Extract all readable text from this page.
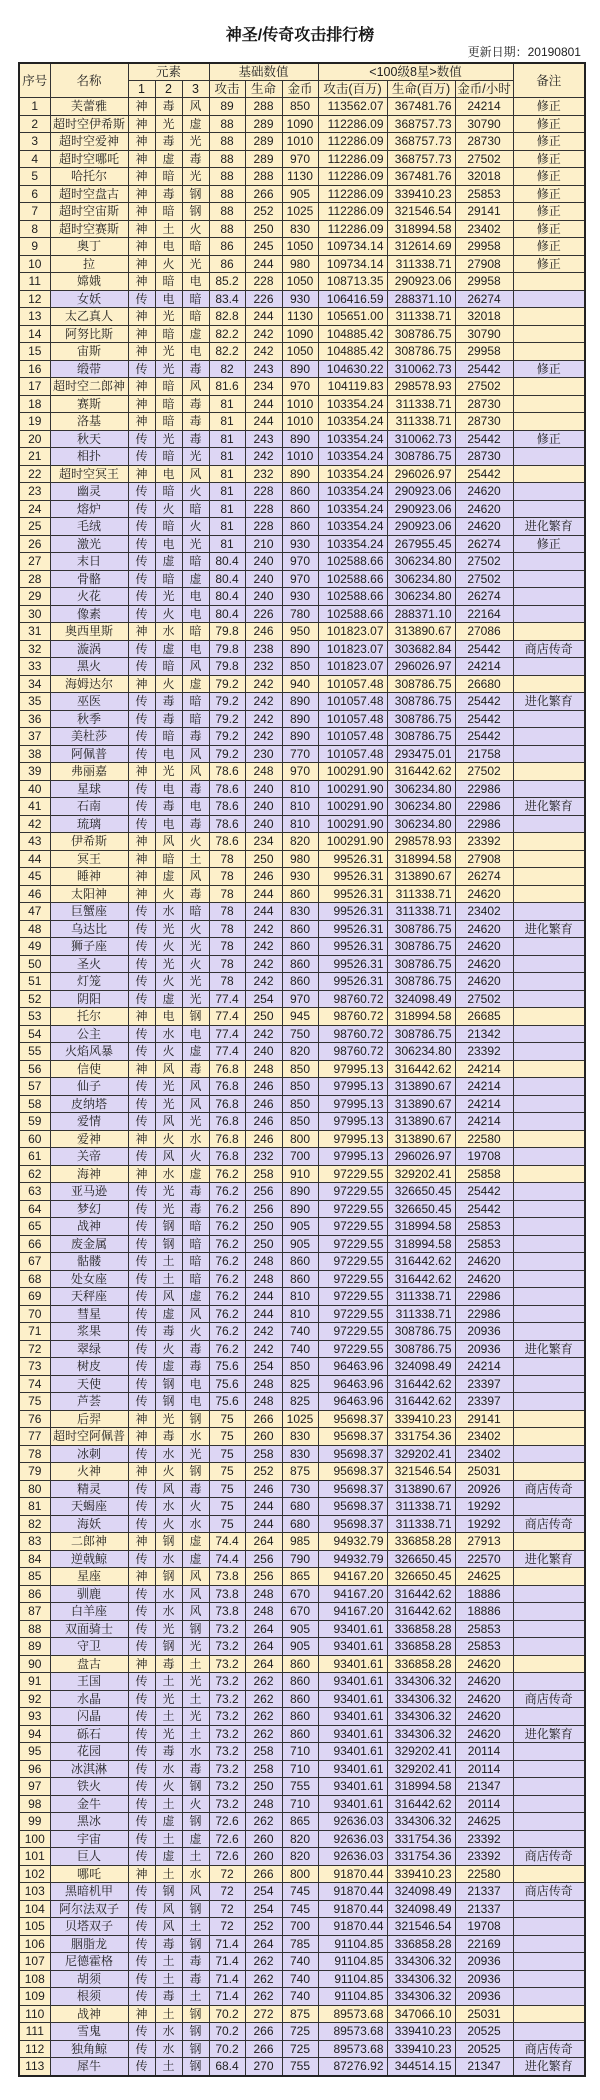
神圣/传奇攻击排行榜
更新日期：20190801
序号	名称	元素			基础数值			<100级8星>数值			备注
		1	2	3	攻击	生命	金币	攻击(百万)	生命(百万)	金币/小时	
1	芙蕾雅	神	毒	风	89	288	850	113562.07	367481.76	24214	修正
2	超时空伊希斯	神	光	虚	88	289	1090	112286.09	368757.73	30790	修正
3	超时空爱神	神	毒	光	88	289	1010	112286.09	368757.73	28730	修正
4	超时空哪吒	神	虚	毒	88	289	970	112286.09	368757.73	27502	修正
5	哈托尔	神	暗	光	88	288	1130	112286.09	367481.76	32018	修正
6	超时空盘古	神	毒	钢	88	266	905	112286.09	339410.23	25853	修正
7	超时空宙斯	神	暗	钢	88	252	1025	112286.09	321546.54	29141	修正
8	超时空赛斯	神	土	火	88	250	830	112286.09	318994.58	23402	修正
9	奥丁	神	电	暗	86	245	1050	109734.14	312614.69	29958	修正
10	拉	神	火	光	86	244	980	109734.14	311338.71	27908	修正
11	嫦娥	神	暗	电	85.2	228	1050	108713.35	290923.06	29958	
12	女妖	传	电	暗	83.4	226	930	106416.59	288371.10	26274	
13	太乙真人	神	光	暗	82.8	244	1130	105651.00	311338.71	32018	
14	阿努比斯	神	暗	虚	82.2	242	1090	104885.42	308786.75	30790	
15	宙斯	神	光	电	82.2	242	1050	104885.42	308786.75	29958	
16	缎带	传	光	毒	82	243	890	104630.22	310062.73	25442	修正
17	超时空二郎神	神	暗	风	81.6	234	970	104119.83	298578.93	27502	
18	赛斯	神	暗	毒	81	244	1010	103354.24	311338.71	28730	
19	洛基	神	暗	毒	81	244	1010	103354.24	311338.71	28730	
20	秋天	传	光	毒	81	243	890	103354.24	310062.73	25442	修正
21	相扑	传	暗	光	81	242	1010	103354.24	308786.75	28730	
22	超时空冥王	神	电	风	81	232	890	103354.24	296026.97	25442	
23	幽灵	传	暗	火	81	228	860	103354.24	290923.06	24620	
24	熔炉	传	火	暗	81	228	860	103354.24	290923.06	24620	
25	毛绒	传	暗	火	81	228	860	103354.24	290923.06	24620	进化繁育
26	激光	传	电	光	81	210	930	103354.24	267955.45	26274	修正
27	末日	传	虚	暗	80.4	240	970	102588.66	306234.80	27502	
28	骨骼	传	暗	虚	80.4	240	970	102588.66	306234.80	27502	
29	火花	传	光	电	80.4	240	930	102588.66	306234.80	26274	
30	像素	传	火	电	80.4	226	780	102588.66	288371.10	22164	
31	奥西里斯	神	水	暗	79.8	246	950	101823.07	313890.67	27086	
32	漩涡	传	虚	电	79.8	238	890	101823.07	303682.84	25442	商店传奇
33	黑火	传	暗	风	79.8	232	850	101823.07	296026.97	24214	
34	海姆达尔	神	火	虚	79.2	242	940	101057.48	308786.75	26680	
35	巫医	传	毒	暗	79.2	242	890	101057.48	308786.75	25442	进化繁育
36	秋季	传	毒	暗	79.2	242	890	101057.48	308786.75	25442	
37	美杜莎	传	暗	毒	79.2	242	890	101057.48	308786.75	25442	
38	阿佩普	传	电	风	79.2	230	770	101057.48	293475.01	21758	
39	弗丽嘉	神	光	风	78.6	248	970	100291.90	316442.62	27502	
40	星球	传	电	毒	78.6	240	810	100291.90	306234.80	22986	
41	石南	传	毒	电	78.6	240	810	100291.90	306234.80	22986	进化繁育
42	琉璃	传	电	毒	78.6	240	810	100291.90	306234.80	22986	
43	伊希斯	神	风	火	78.6	234	820	100291.90	298578.93	23392	
44	冥王	神	暗	土	78	250	980	99526.31	318994.58	27908	
45	睡神	神	虚	风	78	246	930	99526.31	313890.67	26274	
46	太阳神	神	火	毒	78	244	860	99526.31	311338.71	24620	
47	巨蟹座	传	水	暗	78	244	830	99526.31	311338.71	23402	
48	乌达比	传	光	火	78	242	860	99526.31	308786.75	24620	进化繁育
49	狮子座	传	火	光	78	242	860	99526.31	308786.75	24620	
50	圣火	传	光	火	78	242	860	99526.31	308786.75	24620	
51	灯笼	传	火	光	78	242	860	99526.31	308786.75	24620	
52	阴阳	传	虚	光	77.4	254	970	98760.72	324098.49	27502	
53	托尔	神	电	钢	77.4	250	945	98760.72	318994.58	26685	
54	公主	传	水	电	77.4	242	750	98760.72	308786.75	21342	
55	火焰风暴	传	火	虚	77.4	240	820	98760.72	306234.80	23392	
56	信使	神	风	毒	76.8	248	850	97995.13	316442.62	24214	
57	仙子	传	光	风	76.8	246	850	97995.13	313890.67	24214	
58	皮纳塔	传	光	风	76.8	246	850	97995.13	313890.67	24214	
59	爱情	传	风	光	76.8	246	850	97995.13	313890.67	24214	
60	爱神	神	火	水	76.8	246	800	97995.13	313890.67	22580	
61	关帝	传	风	火	76.8	232	700	97995.13	296026.97	19708	
62	海神	神	水	虚	76.2	258	910	97229.55	329202.41	25858	
63	亚马逊	传	光	毒	76.2	256	890	97229.55	326650.45	25442	
64	梦幻	传	光	毒	76.2	256	890	97229.55	326650.45	25442	
65	战神	传	钢	暗	76.2	250	905	97229.55	318994.58	25853	
66	废金属	传	钢	暗	76.2	250	905	97229.55	318994.58	25853	
67	骷髅	传	土	暗	76.2	248	860	97229.55	316442.62	24620	
68	处女座	传	土	暗	76.2	248	860	97229.55	316442.62	24620	
69	天秤座	传	风	虚	76.2	244	810	97229.55	311338.71	22986	
70	彗星	传	虚	风	76.2	244	810	97229.55	311338.71	22986	
71	浆果	传	毒	火	76.2	242	740	97229.55	308786.75	20936	
72	翠绿	传	火	毒	76.2	242	740	97229.55	308786.75	20936	进化繁育
73	树皮	传	虚	毒	75.6	254	850	96463.96	324098.49	24214	
74	天使	传	钢	电	75.6	248	825	96463.96	316442.62	23397	
75	芦荟	传	钢	电	75.6	248	825	96463.96	316442.62	23397	
76	后羿	神	光	钢	75	266	1025	95698.37	339410.23	29141	
77	超时空阿佩普	神	毒	水	75	260	830	95698.37	331754.36	23402	
78	冰刺	传	水	光	75	258	830	95698.37	329202.41	23402	
79	火神	神	火	钢	75	252	875	95698.37	321546.54	25031	
80	精灵	传	风	毒	75	246	730	95698.37	313890.67	20926	商店传奇
81	天蝎座	传	水	火	75	244	680	95698.37	311338.71	19292	
82	海妖	传	火	水	75	244	680	95698.37	311338.71	19292	商店传奇
83	二郎神	神	钢	虚	74.4	264	985	94932.79	336858.28	27913	
84	逆戟鲸	传	水	虚	74.4	256	790	94932.79	326650.45	22570	进化繁育
85	星座	神	钢	风	73.8	256	865	94167.20	326650.45	24625	
86	驯鹿	传	水	风	73.8	248	670	94167.20	316442.62	18886	
87	白羊座	传	水	风	73.8	248	670	94167.20	316442.62	18886	
88	双面骑士	传	光	钢	73.2	264	905	93401.61	336858.28	25853	
89	守卫	传	钢	光	73.2	264	905	93401.61	336858.28	25853	
90	盘古	神	毒	土	73.2	264	860	93401.61	336858.28	24620	
91	王国	传	土	光	73.2	262	860	93401.61	334306.32	24620	
92	水晶	传	光	土	73.2	262	860	93401.61	334306.32	24620	商店传奇
93	闪晶	传	土	光	73.2	262	860	93401.61	334306.32	24620	
94	砾石	传	光	土	73.2	262	860	93401.61	334306.32	24620	进化繁育
95	花园	传	毒	水	73.2	258	710	93401.61	329202.41	20114	
96	冰淇淋	传	水	毒	73.2	258	710	93401.61	329202.41	20114	
97	铁火	传	火	钢	73.2	250	755	93401.61	318994.58	21347	
98	金牛	传	土	火	73.2	248	710	93401.61	316442.62	20114	
99	黑冰	传	虚	钢	72.6	262	865	92636.03	334306.32	24625	
100	宇宙	传	土	虚	72.6	260	820	92636.03	331754.36	23392	
101	巨人	传	虚	土	72.6	260	820	92636.03	331754.36	23392	商店传奇
102	哪吒	神	土	水	72	266	800	91870.44	339410.23	22580	
103	黑暗机甲	传	钢	风	72	254	745	91870.44	324098.49	21337	商店传奇
104	阿尔法双子	传	风	钢	72	254	745	91870.44	324098.49	21337	
105	贝塔双子	传	风	土	72	252	700	91870.44	321546.54	19708	
106	胭脂龙	传	毒	钢	71.4	264	785	91104.85	336858.28	22169	
107	尼德霍格	传	土	毒	71.4	262	740	91104.85	334306.32	20936	
108	胡须	传	土	毒	71.4	262	740	91104.85	334306.32	20936	
109	根须	传	毒	土	71.4	262	740	91104.85	334306.32	20936	
110	战神	神	土	钢	70.2	272	875	89573.68	347066.10	25031	
111	雪鬼	传	水	钢	70.2	266	725	89573.68	339410.23	20525	
112	独角鲸	传	水	钢	70.2	266	725	89573.68	339410.23	20525	商店传奇
113	犀牛	传	土	钢	68.4	270	755	87276.92	344514.15	21347	进化繁育
